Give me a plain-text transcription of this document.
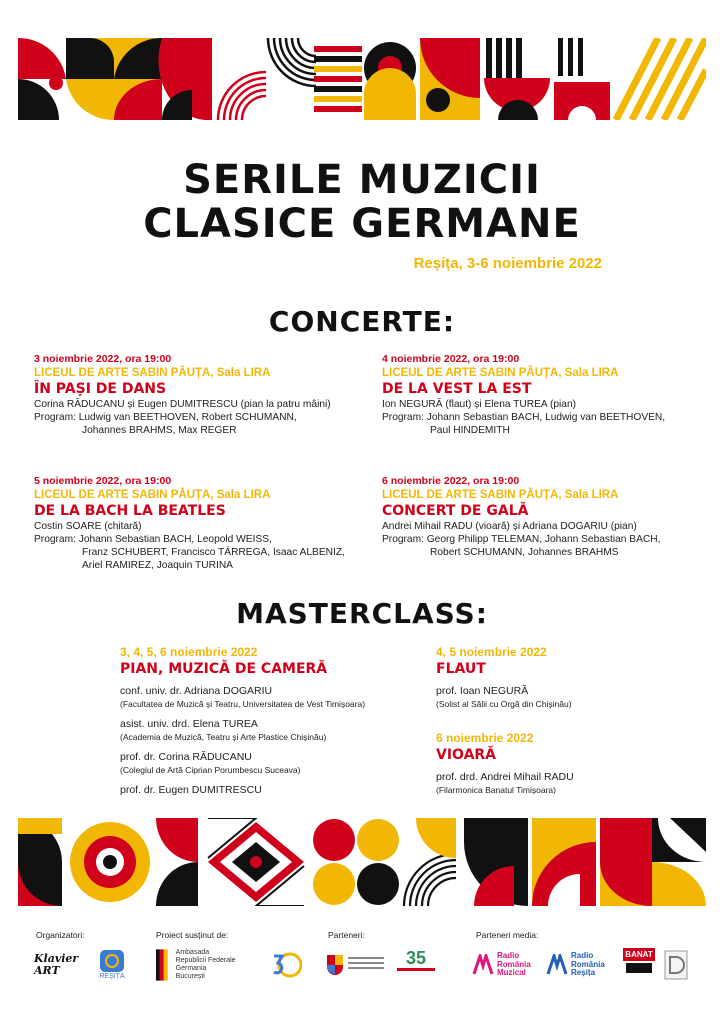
SERILE MUZICII
CLASICE GERMANE
Reșița, 3-6 noiembrie 2022
CONCERTE:
3 noiembrie 2022, ora 19:00
LICEUL DE ARTE SABIN PĂUȚA, Sala LIRA
ÎN PAȘI DE DANS
Corina RĂDUCANU și Eugen DUMITRESCU (pian la patru mâini)
Program: Ludwig van BEETHOVEN, Robert SCHUMANN,
Johannes BRAHMS, Max REGER
4 noiembrie 2022, ora 19:00
LICEUL DE ARTE SABIN PĂUȚA, Sala LIRA
DE LA VEST LA EST
Ion NEGURĂ (flaut) și Elena TUREA (pian)
Program: Johann Sebastian BACH, Ludwig van BEETHOVEN,
Paul HINDEMITH
5 noiembrie 2022, ora 19:00
LICEUL DE ARTE SABIN PĂUȚA, Sala LIRA
DE LA BACH LA BEATLES
Costin SOARE (chitară)
Program: Johann Sebastian BACH, Leopold WEISS,
Franz SCHUBERT, Francisco TÁRREGA, Isaac ALBENIZ,
Ariel RAMIREZ, Joaquin TURINA
6 noiembrie 2022, ora 19:00
LICEUL DE ARTE SABIN PĂUȚA, Sala LIRA
CONCERT DE GALĂ
Andrei Mihail RADU (vioară) și Adriana DOGARIU (pian)
Program: Georg Philipp TELEMAN, Johann Sebastian BACH,
Robert SCHUMANN, Johannes BRAHMS
MASTERCLASS:
3, 4, 5, 6 noiembrie 2022
PIAN, MUZICĂ DE CAMERĂ
conf. univ. dr. Adriana DOGARIU
(Facultatea de Muzică și Teatru, Universitatea de Vest Timișoara)
asist. univ. drd. Elena TUREA
(Academia de Muzică, Teatru și Arte Plastice Chișinău)
prof. dr. Corina RĂDUCANU
(Colegiul de Artă Ciprian Porumbescu Suceava)
prof. dr. Eugen DUMITRESCU
4, 5 noiembrie 2022
FLAUT
prof. Ioan NEGURĂ
(Solist al Sălii cu Orgă din Chișinău)
6 noiembrie 2022
VIOARĂ
prof. drd. Andrei Mihail RADU
(Filarmonica Banatul Timișoara)
Organizatori:	Proiect susținut de:	Parteneri:	Parteneri media:
Klavier ART	REȘIȚA
Ambasada
Republicii Federale Germania
București
35	Radio
România
Muzical
Radio
România
Reșița
BANAT
